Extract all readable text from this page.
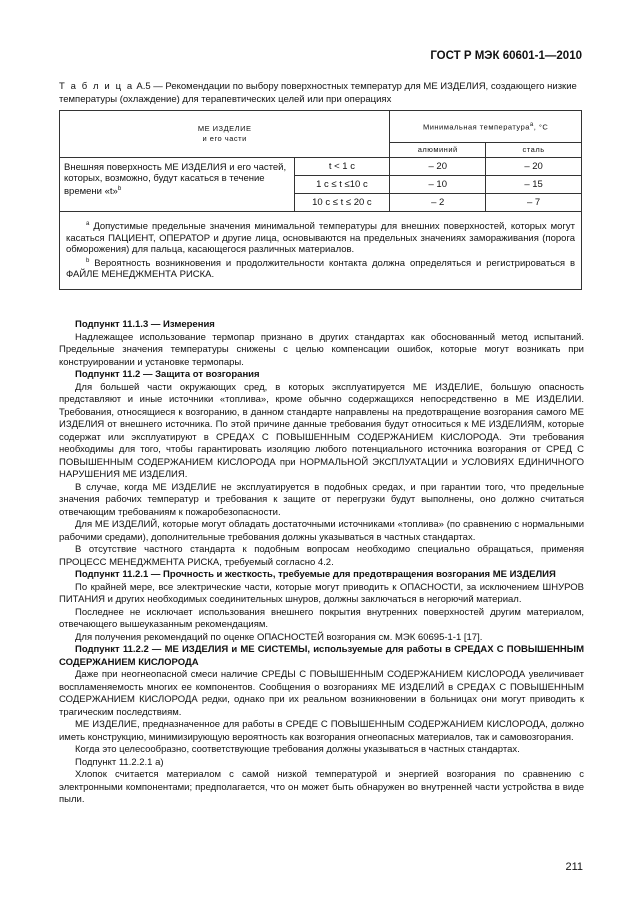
ГОСТ Р МЭК 60601-1—2010
Т а б л и ц а А.5 — Рекомендации по выбору поверхностных температур для МЕ ИЗДЕЛИЯ, создающего низкие температуры (охлаждение) для терапевтических целей или при операциях
МЕ ИЗДЕЛИЕ
и его части		Минимальная температура$^а$, °С	
		алюминий	сталь
Внешняя поверхность МЕ ИЗДЕЛИЯ и его частей, которых, возможно, будут касаться в течение времени «t»$^b$	t < 1 с	– 20	– 20
	1 с ≤ t ≤10 с	– 10	– 15
	10 с ≤ t ≤ 20 с	– 2	– 7

$^а$ Допустимые предельные значения минимальной температуры для внешних поверхностей, которых могут касаться ПАЦИЕНТ, ОПЕРАТОР и другие лица, основываются на предельных значениях замораживания (порога обморожения) для пальца, касающегося различных материалов.
$^b$ Вероятность возникновения и продолжительности контакта должна определяться и регистрироваться в ФАЙЛЕ МЕНЕДЖМЕНТА РИСКА.			

Подпункт 11.1.3 — Измерения

Надлежащее использование термопар признано в других стандартах как обоснованный метод испытаний. Предельные значения температуры снижены с целью компенсации ошибок, которые могут возникать при конструировании и установке термопары.

Подпункт 11.2 — Защита от возгорания

Для большей части окружающих сред, в которых эксплуатируется МЕ ИЗДЕЛИЕ, большую опасность представляют и иные источники «топлива», кроме обычно содержащихся непосредственно в МЕ ИЗДЕЛИИ. Требования, относящиеся к возгоранию, в данном стандарте направлены на предотвращение возгорания самого МЕ ИЗДЕЛИЯ от внешнего источника. По этой причине данные требования будут относиться к МЕ ИЗДЕЛИЯМ, которые содержат или эксплуатируют в СРЕДАХ С ПОВЫШЕННЫМ СОДЕРЖАНИЕМ КИСЛОРОДА. Эти требования необходимы для того, чтобы гарантировать изоляцию любого потенциального источника возгорания от СРЕД С ПОВЫШЕННЫМ СОДЕРЖАНИЕМ КИСЛОРОДА при НОРМАЛЬНОЙ ЭКСПЛУАТАЦИИ и УСЛОВИЯХ ЕДИНИЧНОГО НАРУШЕНИЯ МЕ ИЗДЕЛИЯ.

В случае, когда МЕ ИЗДЕЛИЕ не эксплуатируется в подобных средах, и при гарантии того, что предельные значения рабочих температур и требования к защите от перегрузки будут выполнены, оно должно считаться отвечающим требованиям к пожаробезопасности.

Для МЕ ИЗДЕЛИЙ, которые могут обладать достаточными источниками «топлива» (по сравнению с нормальными рабочими средами), дополнительные требования должны указываться в частных стандартах.

В отсутствие частного стандарта к подобным вопросам необходимо специально обращаться, применяя ПРОЦЕСС МЕНЕДЖМЕНТА РИСКА, требуемый согласно 4.2.

Подпункт 11.2.1 — Прочность и жесткость, требуемые для предотвращения возгорания МЕ ИЗДЕЛИЯ

По крайней мере, все электрические части, которые могут приводить к ОПАСНОСТИ, за исключением ШНУРОВ ПИТАНИЯ и других необходимых соединительных шнуров, должны заключаться в негорючий материал.

Последнее не исключает использования внешнего покрытия внутренних поверхностей другим материалом, отвечающего вышеуказанным рекомендациям.

Для получения рекомендаций по оценке ОПАСНОСТЕЙ возгорания см. МЭК 60695-1-1 [17].

Подпункт 11.2.2 — МЕ ИЗДЕЛИЯ и МЕ СИСТЕМЫ, используемые для работы в СРЕДАХ С ПОВЫШЕННЫМ СОДЕРЖАНИЕМ КИСЛОРОДА

Даже при неогнеопасной смеси наличие СРЕДЫ С ПОВЫШЕННЫМ СОДЕРЖАНИЕМ КИСЛОРОДА увеличивает воспламеняемость многих ее компонентов. Сообщения о возгораниях МЕ ИЗДЕЛИЙ в СРЕДАХ С ПОВЫШЕННЫМ СОДЕРЖАНИЕМ КИСЛОРОДА редки, однако при их реальном возникновении в больницах они могут приводить к трагическим последствиям.

МЕ ИЗДЕЛИЕ, предназначенное для работы в СРЕДЕ С ПОВЫШЕННЫМ СОДЕРЖАНИЕМ КИСЛОРОДА, должно иметь конструкцию, минимизирующую вероятность как возгорания огнеопасных материалов, так и самовозгорания.

Когда это целесообразно, соответствующие требования должны указываться в частных стандартах.

Подпункт 11.2.2.1 а)

Хлопок считается материалом с самой низкой температурой и энергией возгорания по сравнению с электронными компонентами; предполагается, что он может быть обнаружен во внутренней части устройства в виде пыли.

211
